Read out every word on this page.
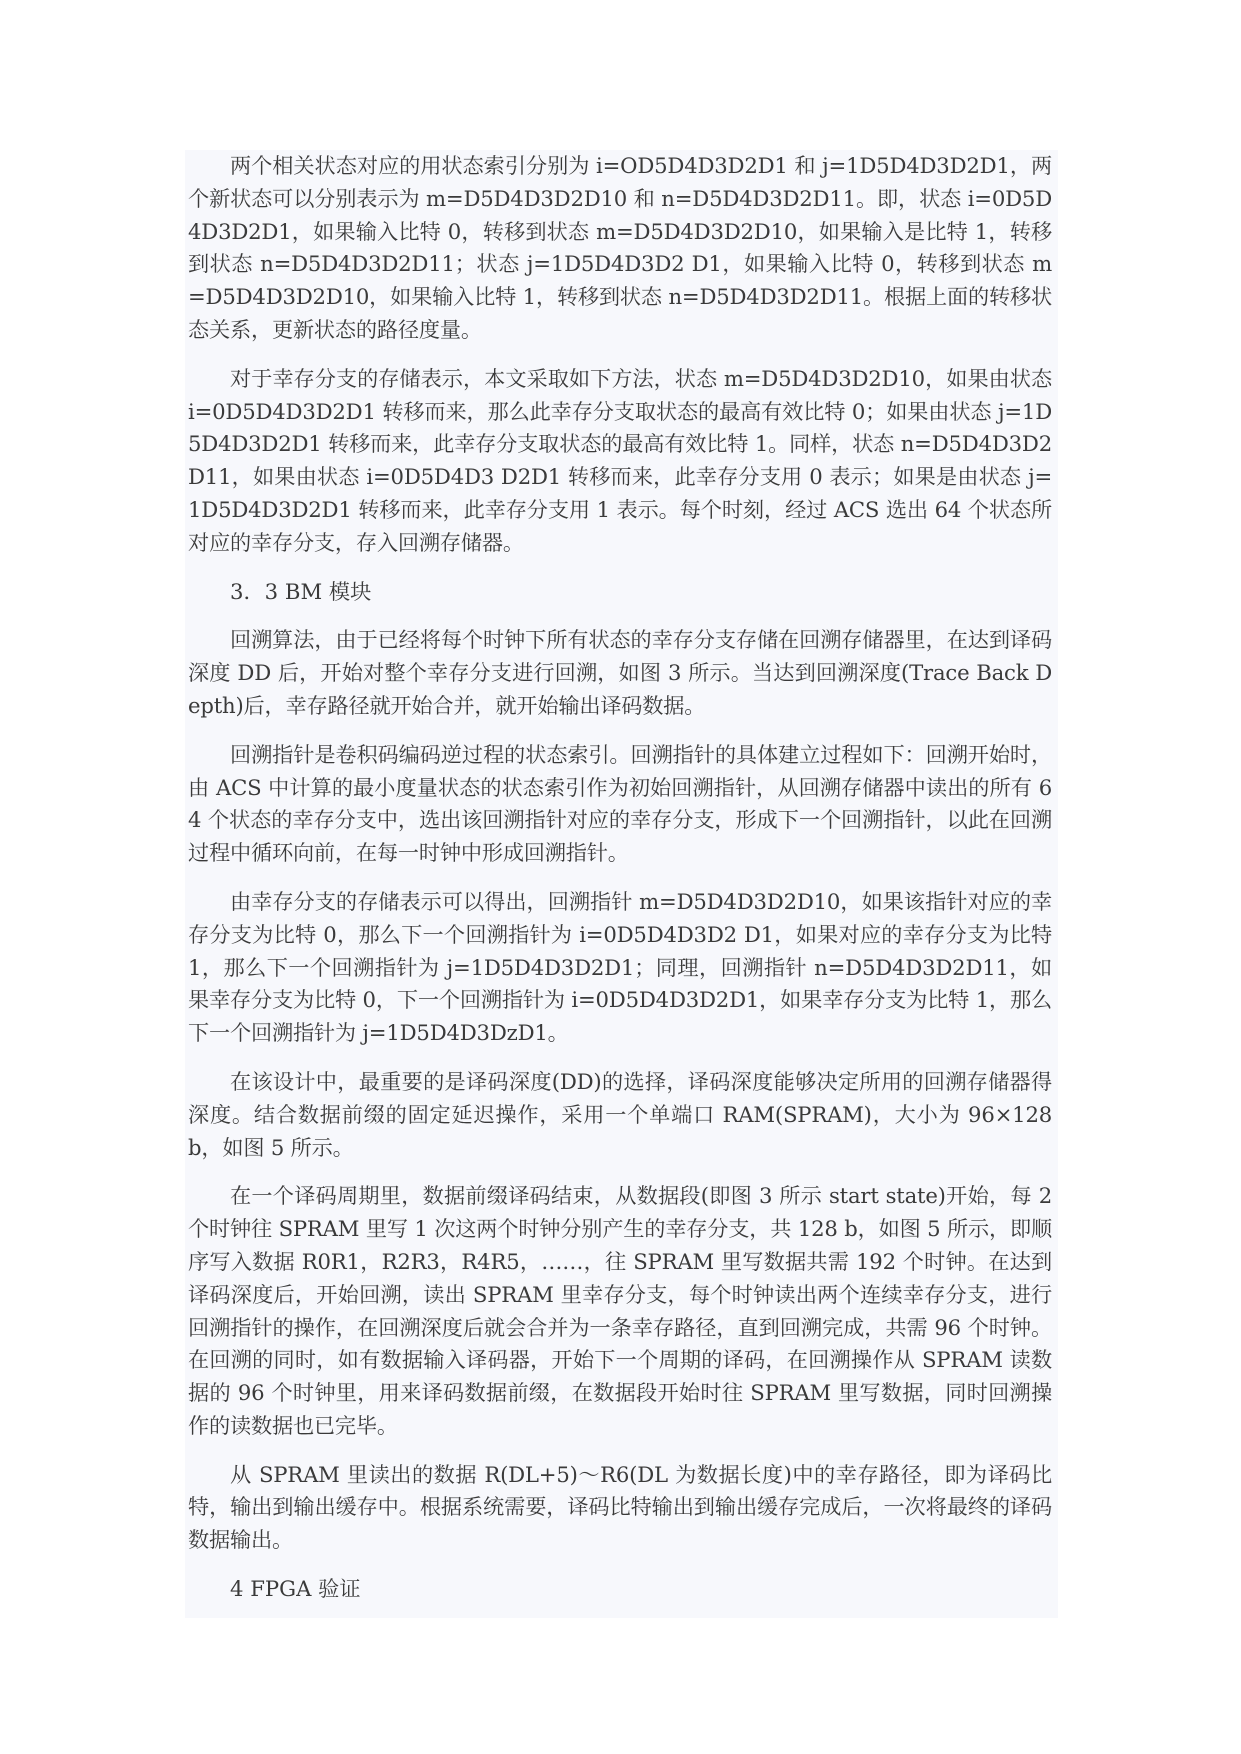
两个相关状态对应的用状态索引分别为 i=OD5D4D3D2D1 和 j=1D5D4D3D2D1，两个新状态可以分别表示为 m=D5D4D3D2D10 和 n=D5D4D3D2D11。即，状态 i=0D5D4D3D2D1，如果输入比特 0，转移到状态 m=D5D4D3D2D10，如果输入是比特 1，转移到状态 n=D5D4D3D2D11；状态 j=1D5D4D3D2 D1，如果输入比特 0，转移到状态 m=D5D4D3D2D10，如果输入比特 1，转移到状态 n=D5D4D3D2D11。根据上面的转移状态关系，更新状态的路径度量。

对于幸存分支的存储表示，本文采取如下方法，状态 m=D5D4D3D2D10，如果由状态 i=0D5D4D3D2D1 转移而来，那么此幸存分支取状态的最高有效比特 0；如果由状态 j=1D5D4D3D2D1 转移而来，此幸存分支取状态的最高有效比特 1。同样，状态 n=D5D4D3D2D11，如果由状态 i=0D5D4D3 D2D1 转移而来，此幸存分支用 0 表示；如果是由状态 j=1D5D4D3D2D1 转移而来，此幸存分支用 1 表示。每个时刻，经过 ACS 选出 64 个状态所对应的幸存分支，存入回溯存储器。

3．3 BM 模块

回溯算法，由于已经将每个时钟下所有状态的幸存分支存储在回溯存储器里，在达到译码深度 DD 后，开始对整个幸存分支进行回溯，如图 3 所示。当达到回溯深度(Trace Back Depth)后，幸存路径就开始合并，就开始输出译码数据。

回溯指针是卷积码编码逆过程的状态索引。回溯指针的具体建立过程如下：回溯开始时，由 ACS 中计算的最小度量状态的状态索引作为初始回溯指针，从回溯存储器中读出的所有 64 个状态的幸存分支中，选出该回溯指针对应的幸存分支，形成下一个回溯指针，以此在回溯过程中循环向前，在每一时钟中形成回溯指针。

由幸存分支的存储表示可以得出，回溯指针 m=D5D4D3D2D10，如果该指针对应的幸存分支为比特 0，那么下一个回溯指针为 i=0D5D4D3D2 D1，如果对应的幸存分支为比特 1，那么下一个回溯指针为 j=1D5D4D3D2D1；同理，回溯指针 n=D5D4D3D2D11，如果幸存分支为比特 0，下一个回溯指针为 i=0D5D4D3D2D1，如果幸存分支为比特 1，那么下一个回溯指针为 j=1D5D4D3DzD1。

在该设计中，最重要的是译码深度(DD)的选择，译码深度能够决定所用的回溯存储器得深度。结合数据前缀的固定延迟操作，采用一个单端口 RAM(SPRAM)，大小为 96×128 b，如图 5 所示。

在一个译码周期里，数据前缀译码结束，从数据段(即图 3 所示 start state)开始，每 2 个时钟往 SPRAM 里写 1 次这两个时钟分别产生的幸存分支，共 128 b，如图 5 所示，即顺序写入数据 R0R1，R2R3，R4R5，……，往 SPRAM 里写数据共需 192 个时钟。在达到译码深度后，开始回溯，读出 SPRAM 里幸存分支，每个时钟读出两个连续幸存分支，进行回溯指针的操作，在回溯深度后就会合并为一条幸存路径，直到回溯完成，共需 96 个时钟。在回溯的同时，如有数据输入译码器，开始下一个周期的译码，在回溯操作从 SPRAM 读数据的 96 个时钟里，用来译码数据前缀，在数据段开始时往 SPRAM 里写数据，同时回溯操作的读数据也已完毕。

从 SPRAM 里读出的数据 R(DL+5)～R6(DL 为数据长度)中的幸存路径，即为译码比特，输出到输出缓存中。根据系统需要，译码比特输出到输出缓存完成后，一次将最终的译码数据输出。

4 FPGA 验证
